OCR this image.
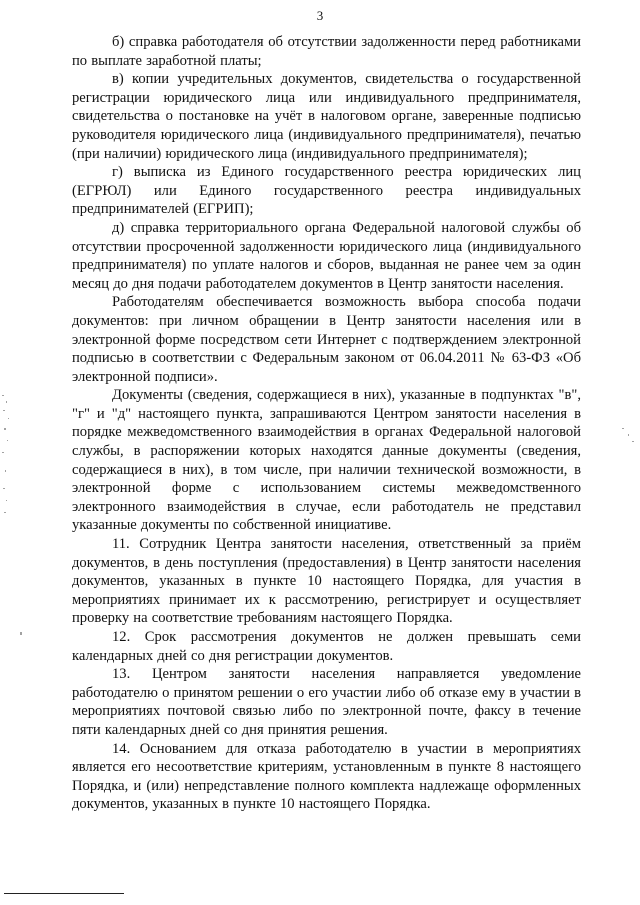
3

б) справка работодателя об отсутствии задолженности перед работниками по выплате заработной платы;

в) копии учредительных документов, свидетельства о государственной регистрации юридического лица или индивидуального предпринимателя, свидетельства о постановке на учёт в налоговом органе, заверенные подписью руководителя юридического лица (индивидуального предпринимателя), печатью (при наличии) юридического лица (индивидуального предпринимателя);

г) выписка из Единого государственного реестра юридических лиц (ЕГРЮЛ) или Единого государственного реестра индивидуальных предпринимателей (ЕГРИП);

д) справка территориального органа Федеральной налоговой службы об отсутствии просроченной задолженности юридического лица (индивидуального предпринимателя) по уплате налогов и сборов, выданная не ранее чем за один месяц до дня подачи работодателем документов в Центр занятости населения.

Работодателям обеспечивается возможность выбора способа подачи документов: при личном обращении в Центр занятости населения или в электронной форме посредством сети Интернет с подтверждением электронной подписью в соответствии с Федеральным законом от 06.04.2011 № 63-ФЗ «Об электронной подписи».

Документы (сведения, содержащиеся в них), указанные в подпунктах "в", "г" и "д" настоящего пункта, запрашиваются Центром занятости населения в порядке межведомственного взаимодействия в органах Федеральной налоговой службы, в распоряжении которых находятся данные документы (сведения, содержащиеся в них), в том числе, при наличии технической возможности, в электронной форме с использованием системы межведомственного электронного взаимодействия в случае, если работодатель не представил указанные документы по собственной инициативе.

11. Сотрудник Центра занятости населения, ответственный за приём документов, в день поступления (предоставления) в Центр занятости населения документов, указанных в пункте 10 настоящего Порядка, для участия в мероприятиях принимает их к рассмотрению, регистрирует и осуществляет проверку на соответствие требованиям настоящего Порядка.

12. Срок рассмотрения документов не должен превышать семи календарных дней со дня регистрации документов.

13. Центром занятости населения направляется уведомление работодателю о принятом решении о его участии либо об отказе ему в участии в мероприятиях почтовой связью либо по электронной почте, факсу в течение пяти календарных дней со дня принятия решения.

14. Основанием для отказа работодателю в участии в мероприятиях является его несоответствие критериям, установленным в пункте 8 настоящего Порядка, и (или) непредставление полного комплекта надлежаще оформленных документов, указанных в пункте 10 настоящего Порядка.
